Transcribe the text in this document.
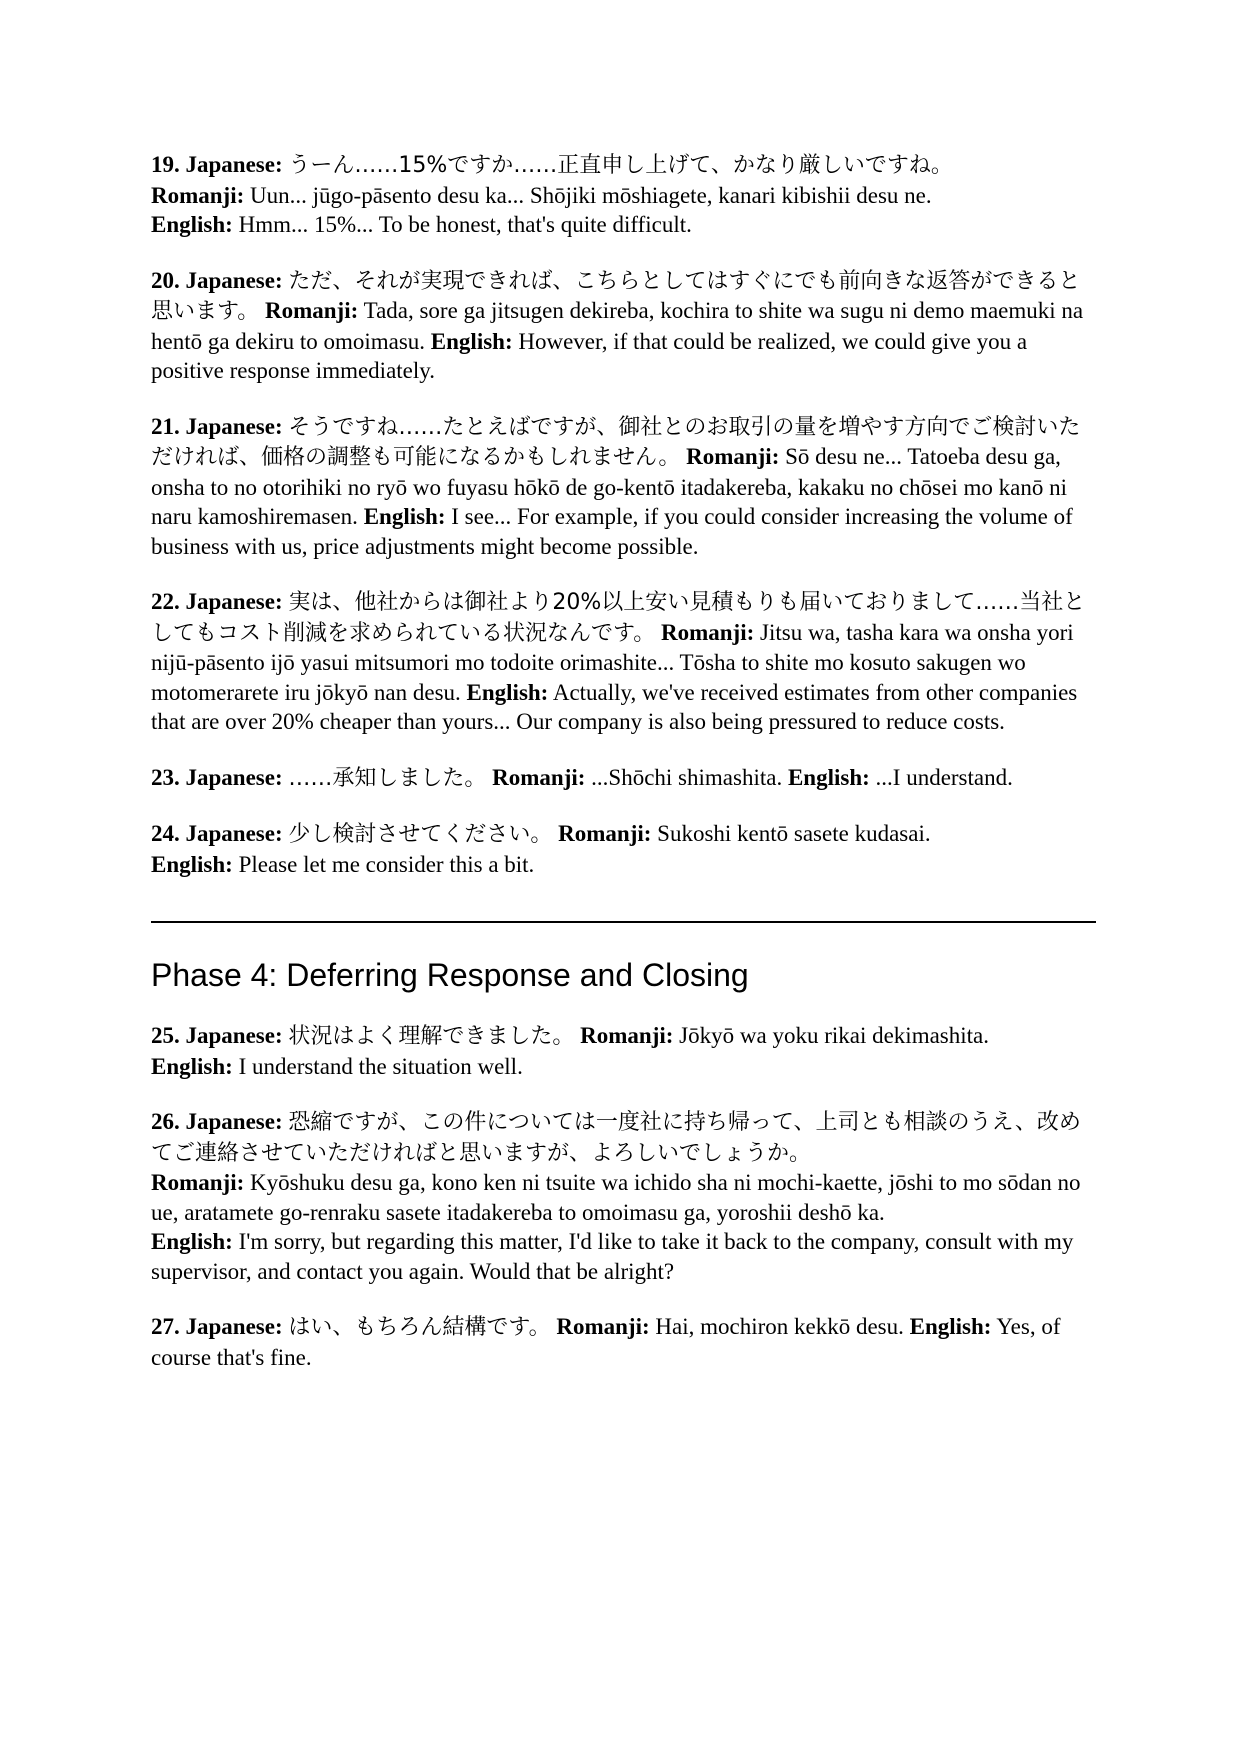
19. Japanese: うーん……15%ですか……正直申し上げて、かなり厳しいですね。
Romanji: Uun... jūgo-pāsento desu ka... Shōjiki mōshiagete, kanari kibishii desu ne.
English: Hmm... 15%... To be honest, that's quite difficult.

20. Japanese: ただ、それが実現できれば、こちらとしてはすぐにでも前向きな返答ができると思います。 Romanji: Tada, sore ga jitsugen dekireba, kochira to shite wa sugu ni demo maemuki na hentō ga dekiru to omoimasu. English: However, if that could be realized, we could give you a positive response immediately.

21. Japanese: そうですね……たとえばですが、御社とのお取引の量を増やす方向でご検討いただければ、価格の調整も可能になるかもしれません。 Romanji: Sō desu ne... Tatoeba desu ga, onsha to no otorihiki no ryō wo fuyasu hōkō de go-kentō itadakereba, kakaku no chōsei mo kanō ni naru kamoshiremasen. English: I see... For example, if you could consider increasing the volume of business with us, price adjustments might become possible.

22. Japanese: 実は、他社からは御社より20%以上安い見積もりも届いておりまして……当社としてもコスト削減を求められている状況なんです。 Romanji: Jitsu wa, tasha kara wa onsha yori nijū-pāsento ijō yasui mitsumori mo todoite orimashite... Tōsha to shite mo kosuto sakugen wo motomerarete iru jōkyō nan desu. English: Actually, we've received estimates from other companies that are over 20% cheaper than yours... Our company is also being pressured to reduce costs.

23. Japanese: ……承知しました。 Romanji: ...Shōchi shimashita. English: ...I understand.

24. Japanese: 少し検討させてください。 Romanji: Sukoshi kentō sasete kudasai.
English: Please let me consider this a bit.

Phase 4: Deferring Response and Closing

25. Japanese: 状況はよく理解できました。 Romanji: Jōkyō wa yoku rikai dekimashita.
English: I understand the situation well.

26. Japanese: 恐縮ですが、この件については一度社に持ち帰って、上司とも相談のうえ、改めてご連絡させていただければと思いますが、よろしいでしょうか。
Romanji: Kyōshuku desu ga, kono ken ni tsuite wa ichido sha ni mochi-kaette, jōshi to mo sōdan no ue, aratamete go-renraku sasete itadakereba to omoimasu ga, yoroshii deshō ka.
English: I'm sorry, but regarding this matter, I'd like to take it back to the company, consult with my supervisor, and contact you again. Would that be alright?

27. Japanese: はい、もちろん結構です。 Romanji: Hai, mochiron kekkō desu. English: Yes, of course that's fine.
